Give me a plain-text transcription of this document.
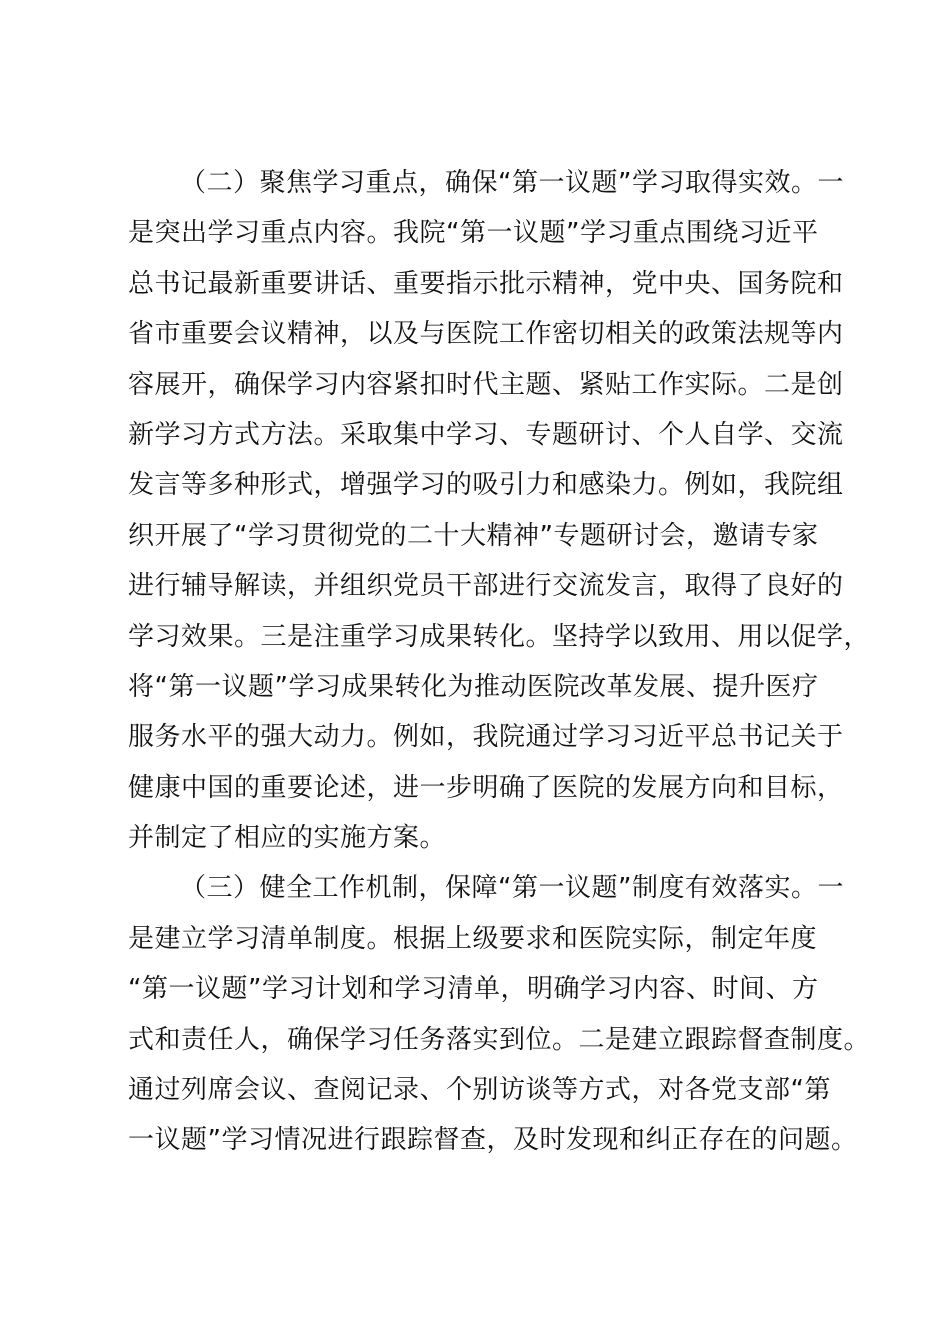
（二）聚焦学习重点，确保“第一议题”学习取得实效。一
是突出学习重点内容。我院“第一议题”学习重点围绕习近平
总书记最新重要讲话、重要指示批示精神，党中央、国务院和
省市重要会议精神，以及与医院工作密切相关的政策法规等内
容展开，确保学习内容紧扣时代主题、紧贴工作实际。二是创
新学习方式方法。采取集中学习、专题研讨、个人自学、交流
发言等多种形式，增强学习的吸引力和感染力。例如，我院组
织开展了“学习贯彻党的二十大精神”专题研讨会，邀请专家
进行辅导解读，并组织党员干部进行交流发言，取得了良好的
学习效果。三是注重学习成果转化。坚持学以致用、用以促学，
将“第一议题”学习成果转化为推动医院改革发展、提升医疗
服务水平的强大动力。例如，我院通过学习习近平总书记关于
健康中国的重要论述，进一步明确了医院的发展方向和目标，
并制定了相应的实施方案。
（三）健全工作机制，保障“第一议题”制度有效落实。一
是建立学习清单制度。根据上级要求和医院实际，制定年度
“第一议题”学习计划和学习清单，明确学习内容、时间、方
式和责任人，确保学习任务落实到位。二是建立跟踪督查制度。
通过列席会议、查阅记录、个别访谈等方式，对各党支部“第
一议题”学习情况进行跟踪督查，及时发现和纠正存在的问题。
